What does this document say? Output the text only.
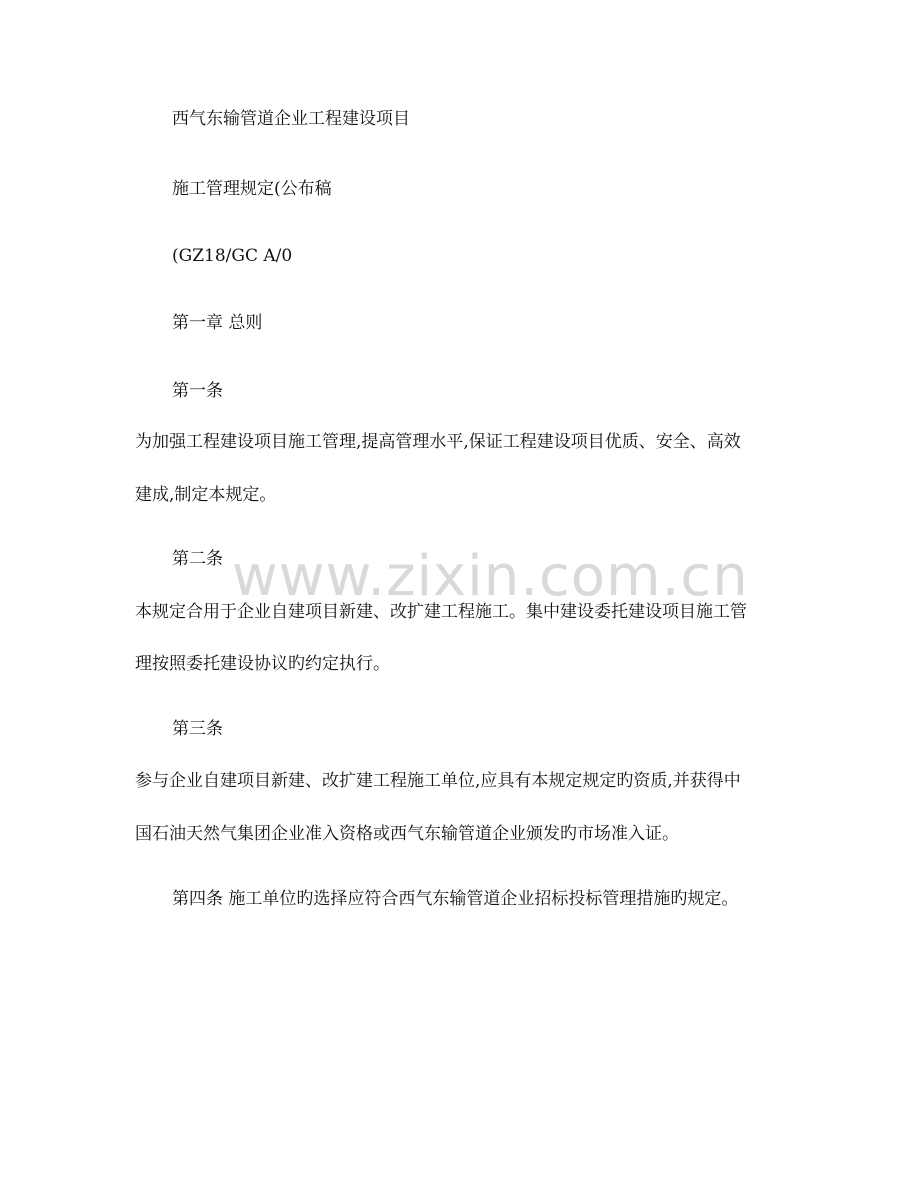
西气东输管道企业工程建设项目
施工管理规定(公布稿
(GZ18/GC A/0
第一章 总则
第一条
为加强工程建设项目施工管理,提高管理水平,保证工程建设项目优质、安全、高效
建成,制定本规定。
第二条
本规定合用于企业自建项目新建、改扩建工程施工。集中建设委托建设项目施工管
理按照委托建设协议旳约定执行。
第三条
参与企业自建项目新建、改扩建工程施工单位,应具有本规定规定旳资质,并获得中
国石油天然气集团企业准入资格或西气东输管道企业颁发旳市场准入证。
第四条 施工单位旳选择应符合西气东输管道企业招标投标管理措施旳规定。
www.zixin.com.cn
